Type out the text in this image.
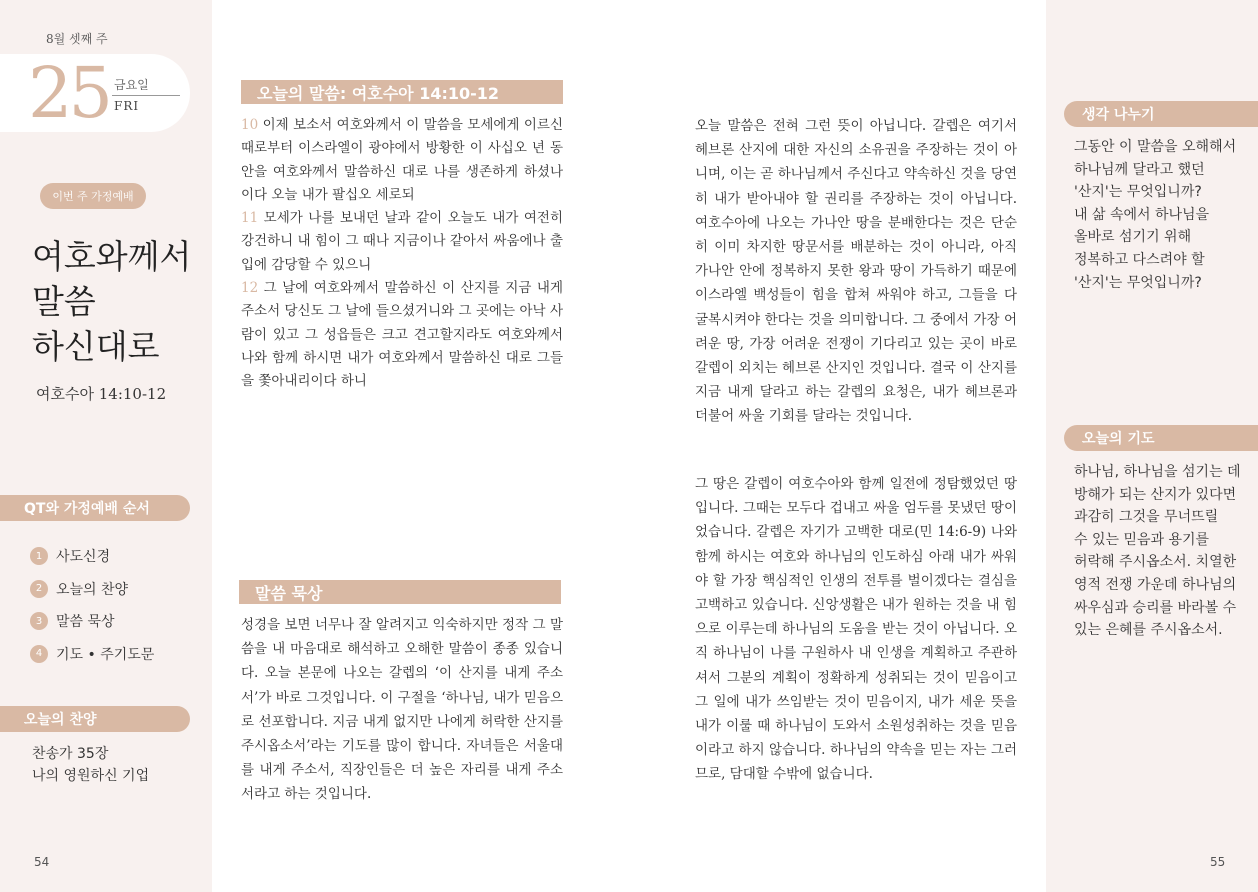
8월 셋째 주
25 금요일
FRI
이번 주 가정예배
여호와께서
말씀
하신대로
여호수아 14:10-12
QT와 가정예배 순서
1 사도신경
2 오늘의 찬양
3 말씀 묵상
4 기도 • 주기도문
오늘의 찬양
찬송가 35장
나의 영원하신 기업
54
오늘의 말씀: 여호수아 14:10-12
10 이제 보소서 여호와께서 이 말씀을 모세에게 이르신 때로부터 이스라엘이 광야에서 방황한 이 사십오 년 동안을 여호와께서 말씀하신 대로 나를 생존하게 하셨나이다 오늘 내가 팔십오 세로되
11 모세가 나를 보내던 날과 같이 오늘도 내가 여전히 강건하니 내 힘이 그 때나 지금이나 같아서 싸움에나 출입에 감당할 수 있으니
12 그 날에 여호와께서 말씀하신 이 산지를 지금 내게 주소서 당신도 그 날에 들으셨거니와 그 곳에는 아낙 사람이 있고 그 성읍들은 크고 견고할지라도 여호와께서 나와 함께 하시면 내가 여호와께서 말씀하신 대로 그들을 쫓아내리이다 하니
말씀 묵상
성경을 보면 너무나 잘 알려지고 익숙하지만 정작 그 말씀을 내 마음대로 해석하고 오해한 말씀이 종종 있습니다. 오늘 본문에 나오는 갈렙의 ‘이 산지를 내게 주소서’가 바로 그것입니다. 이 구절을 ‘하나님, 내가 믿음으로 선포합니다. 지금 내게 없지만 나에게 허락한 산지를 주시옵소서’라는 기도를 많이 합니다. 자녀들은 서울대를 내게 주소서, 직장인들은 더 높은 자리를 내게 주소서라고 하는 것입니다.

오늘 말씀은 전혀 그런 뜻이 아닙니다. 갈렙은 여기서 헤브론 산지에 대한 자신의 소유권을 주장하는 것이 아니며, 이는 곧 하나님께서 주신다고 약속하신 것을 당연히 내가 받아내야 할 권리를 주장하는 것이 아닙니다. 여호수아에 나오는 가나안 땅을 분배한다는 것은 단순히 이미 차지한 땅문서를 배분하는 것이 아니라, 아직 가나안 안에 정복하지 못한 왕과 땅이 가득하기 때문에 이스라엘 백성들이 힘을 합쳐 싸워야 하고, 그들을 다 굴복시켜야 한다는 것을 의미합니다. 그 중에서 가장 어려운 땅, 가장 어려운 전쟁이 기다리고 있는 곳이 바로 갈렙이 외치는 헤브론 산지인 것입니다. 결국 이 산지를 지금 내게 달라고 하는 갈렙의 요청은, 내가 헤브론과 더불어 싸울 기회를 달라는 것입니다.

그 땅은 갈렙이 여호수아와 함께 일전에 정탐했었던 땅입니다. 그때는 모두다 겁내고 싸울 엄두를 못냈던 땅이었습니다. 갈렙은 자기가 고백한 대로(민 14:6-9) 나와 함께 하시는 여호와 하나님의 인도하심 아래 내가 싸워야 할 가장 핵심적인 인생의 전투를 벌이겠다는 결심을 고백하고 있습니다. 신앙생활은 내가 원하는 것을 내 힘으로 이루는데 하나님의 도움을 받는 것이 아닙니다. 오직 하나님이 나를 구원하사 내 인생을 계획하고 주관하셔서 그분의 계획이 정확하게 성취되는 것이 믿음이고 그 일에 내가 쓰임받는 것이 믿음이지, 내가 세운 뜻을 내가 이룰 때 하나님이 도와서 소원성취하는 것을 믿음이라고 하지 않습니다. 하나님의 약속을 믿는 자는 그러므로, 담대할 수밖에 없습니다.

생각 나누기
그동안 이 말씀을 오해해서
하나님께 달라고 했던
'산지'는 무엇입니까?
내 삶 속에서 하나님을
올바로 섬기기 위해
정복하고 다스려야 할
'산지'는 무엇입니까?
오늘의 기도
하나님, 하나님을 섬기는 데
방해가 되는 산지가 있다면
과감히 그것을 무너뜨릴
수 있는 믿음과 용기를
허락해 주시옵소서. 치열한
영적 전쟁 가운데 하나님의
싸우심과 승리를 바라볼 수
있는 은혜를 주시옵소서.
55
